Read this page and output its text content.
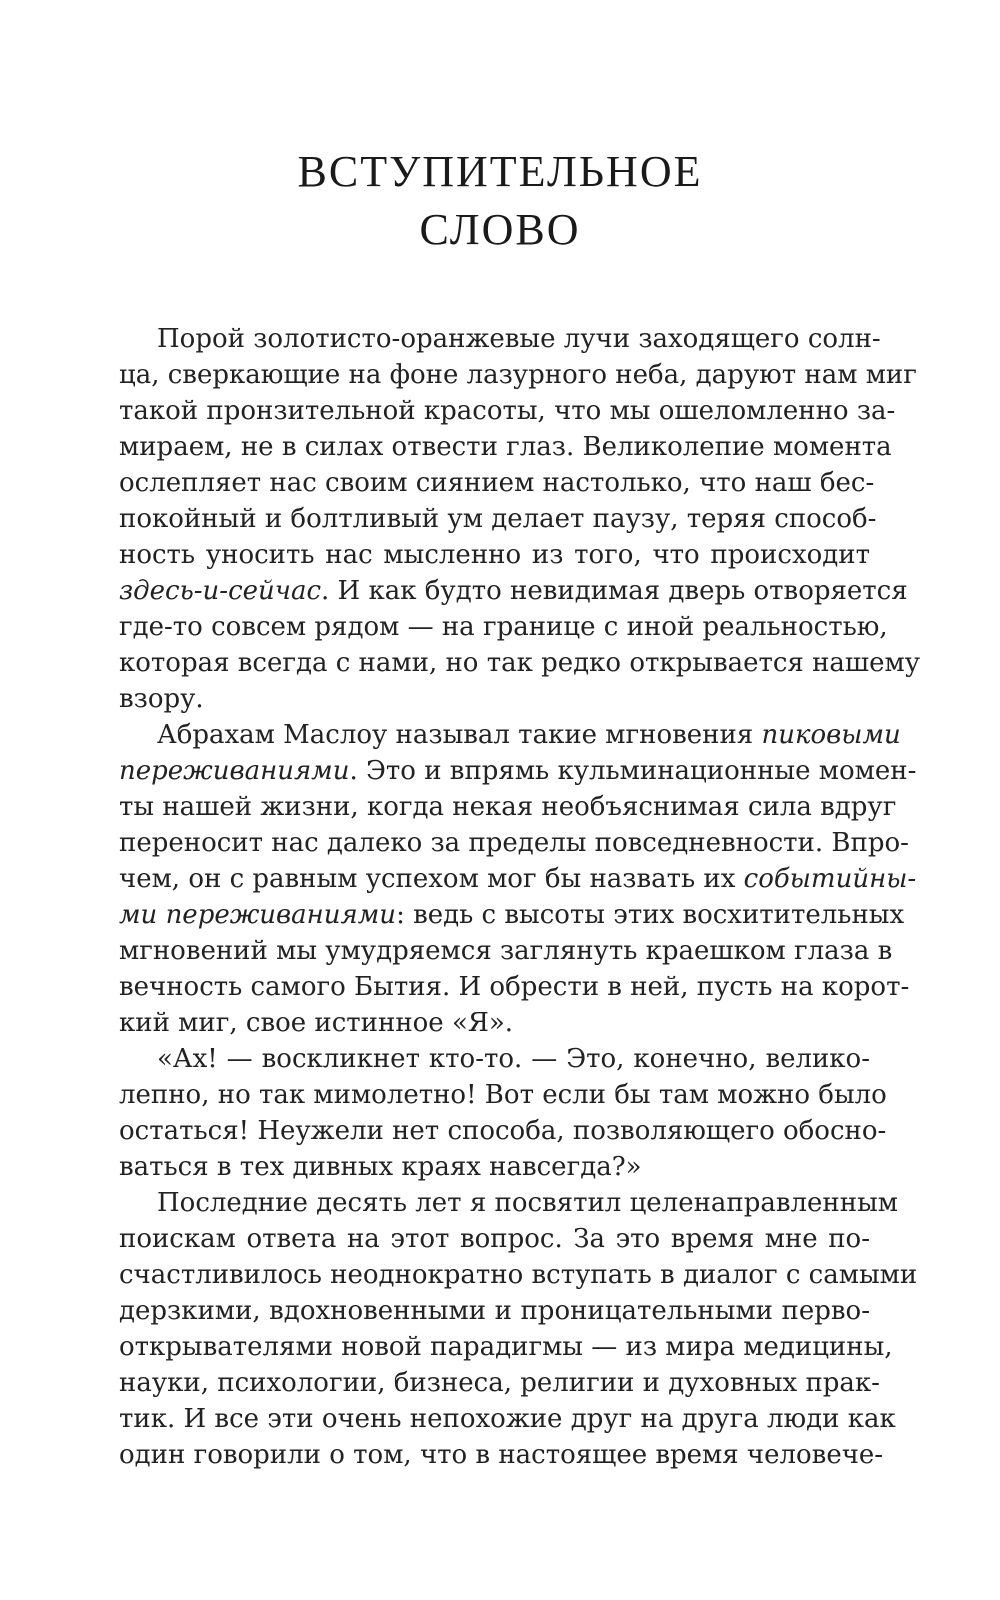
ВСТУПИТЕЛЬНОЕ
СЛОВО
Порой золотисто-оранжевые лучи заходящего солн-
ца, сверкающие на фоне лазурного неба, даруют нам миг
такой пронзительной красоты, что мы ошеломленно за-
мираем, не в силах отвести глаз. Великолепие момента
ослепляет нас своим сиянием настолько, что наш бес-
покойный и болтливый ум делает паузу, теряя способ-
ность уносить нас мысленно из того, что происходит
здесь-и-сейчас. И как будто невидимая дверь отворяется
где-то совсем рядом — на границе с иной реальностью,
которая всегда с нами, но так редко открывается нашему
взору.
Абрахам Маслоу называл такие мгновения пиковыми
переживаниями. Это и впрямь кульминационные момен-
ты нашей жизни, когда некая необъяснимая сила вдруг
переносит нас далеко за пределы повседневности. Впро-
чем, он с равным успехом мог бы назвать их событийны-
ми переживаниями: ведь с высоты этих восхитительных
мгновений мы умудряемся заглянуть краешком глаза в
вечность самого Бытия. И обрести в ней, пусть на корот-
кий миг, свое истинное «Я».
«Ах! — воскликнет кто-то. — Это, конечно, велико-
лепно, но так мимолетно! Вот если бы там можно было
остаться! Неужели нет способа, позволяющего обосно-
ваться в тех дивных краях навсегда?»
Последние десять лет я посвятил целенаправленным
поискам ответа на этот вопрос. За это время мне по-
счастливилось неоднократно вступать в диалог с самыми
дерзкими, вдохновенными и проницательными перво-
открывателями новой парадигмы — из мира медицины,
науки, психологии, бизнеса, религии и духовных прак-
тик. И все эти очень непохожие друг на друга люди как
один говорили о том, что в настоящее время человече-
